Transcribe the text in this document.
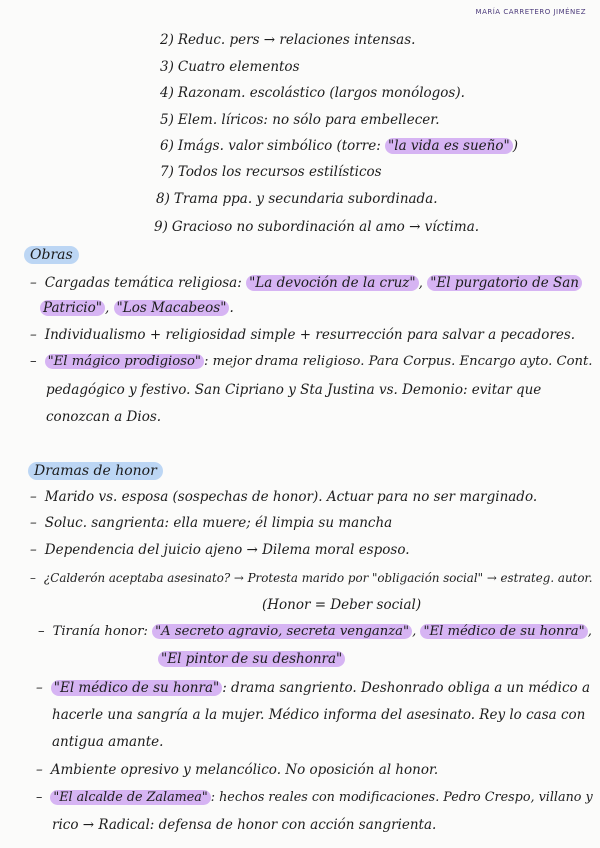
MARÍA CARRETERO JIMÉNEZ
2) Reduc. pers → relaciones intensas.
3) Cuatro elementos
4) Razonam. escolástico (largos monólogos).
5) Elem. líricos: no sólo para embellecer.
6) Imágs. valor simbólico (torre: "la vida es sueño" )
7) Todos los recursos estilísticos
8) Trama ppa. y secundaria subordinada.
9) Gracioso no subordinación al amo → víctima.
Obras
– Cargadas temática religiosa: "La devoción de la cruz" , "El purgatorio de San
Patricio" , "Los Macabeos" .
– Individualismo + religiosidad simple + resurrección para salvar a pecadores.
– "El mágico prodigioso" : mejor drama religioso. Para Corpus. Encargo ayto. Cont.
pedagógico y festivo. San Cipriano y Sta Justina vs. Demonio: evitar que
conozcan a Dios.
Dramas de honor
– Marido vs. esposa (sospechas de honor). Actuar para no ser marginado.
– Soluc. sangrienta: ella muere; él limpia su mancha
– Dependencia del juicio ajeno → Dilema moral esposo.
– ¿Calderón aceptaba asesinato? → Protesta marido por "obligación social" → estrateg. autor.
(Honor = Deber social)
– Tiranía honor: "A secreto agravio, secreta venganza" , "El médico de su honra" ,
"El pintor de su deshonra"
– "El médico de su honra" : drama sangriento. Deshonrado obliga a un médico a
hacerle una sangría a la mujer. Médico informa del asesinato. Rey lo casa con
antigua amante.
– Ambiente opresivo y melancólico. No oposición al honor.
– "El alcalde de Zalamea" : hechos reales con modificaciones. Pedro Crespo, villano y
rico → Radical: defensa de honor con acción sangrienta.
